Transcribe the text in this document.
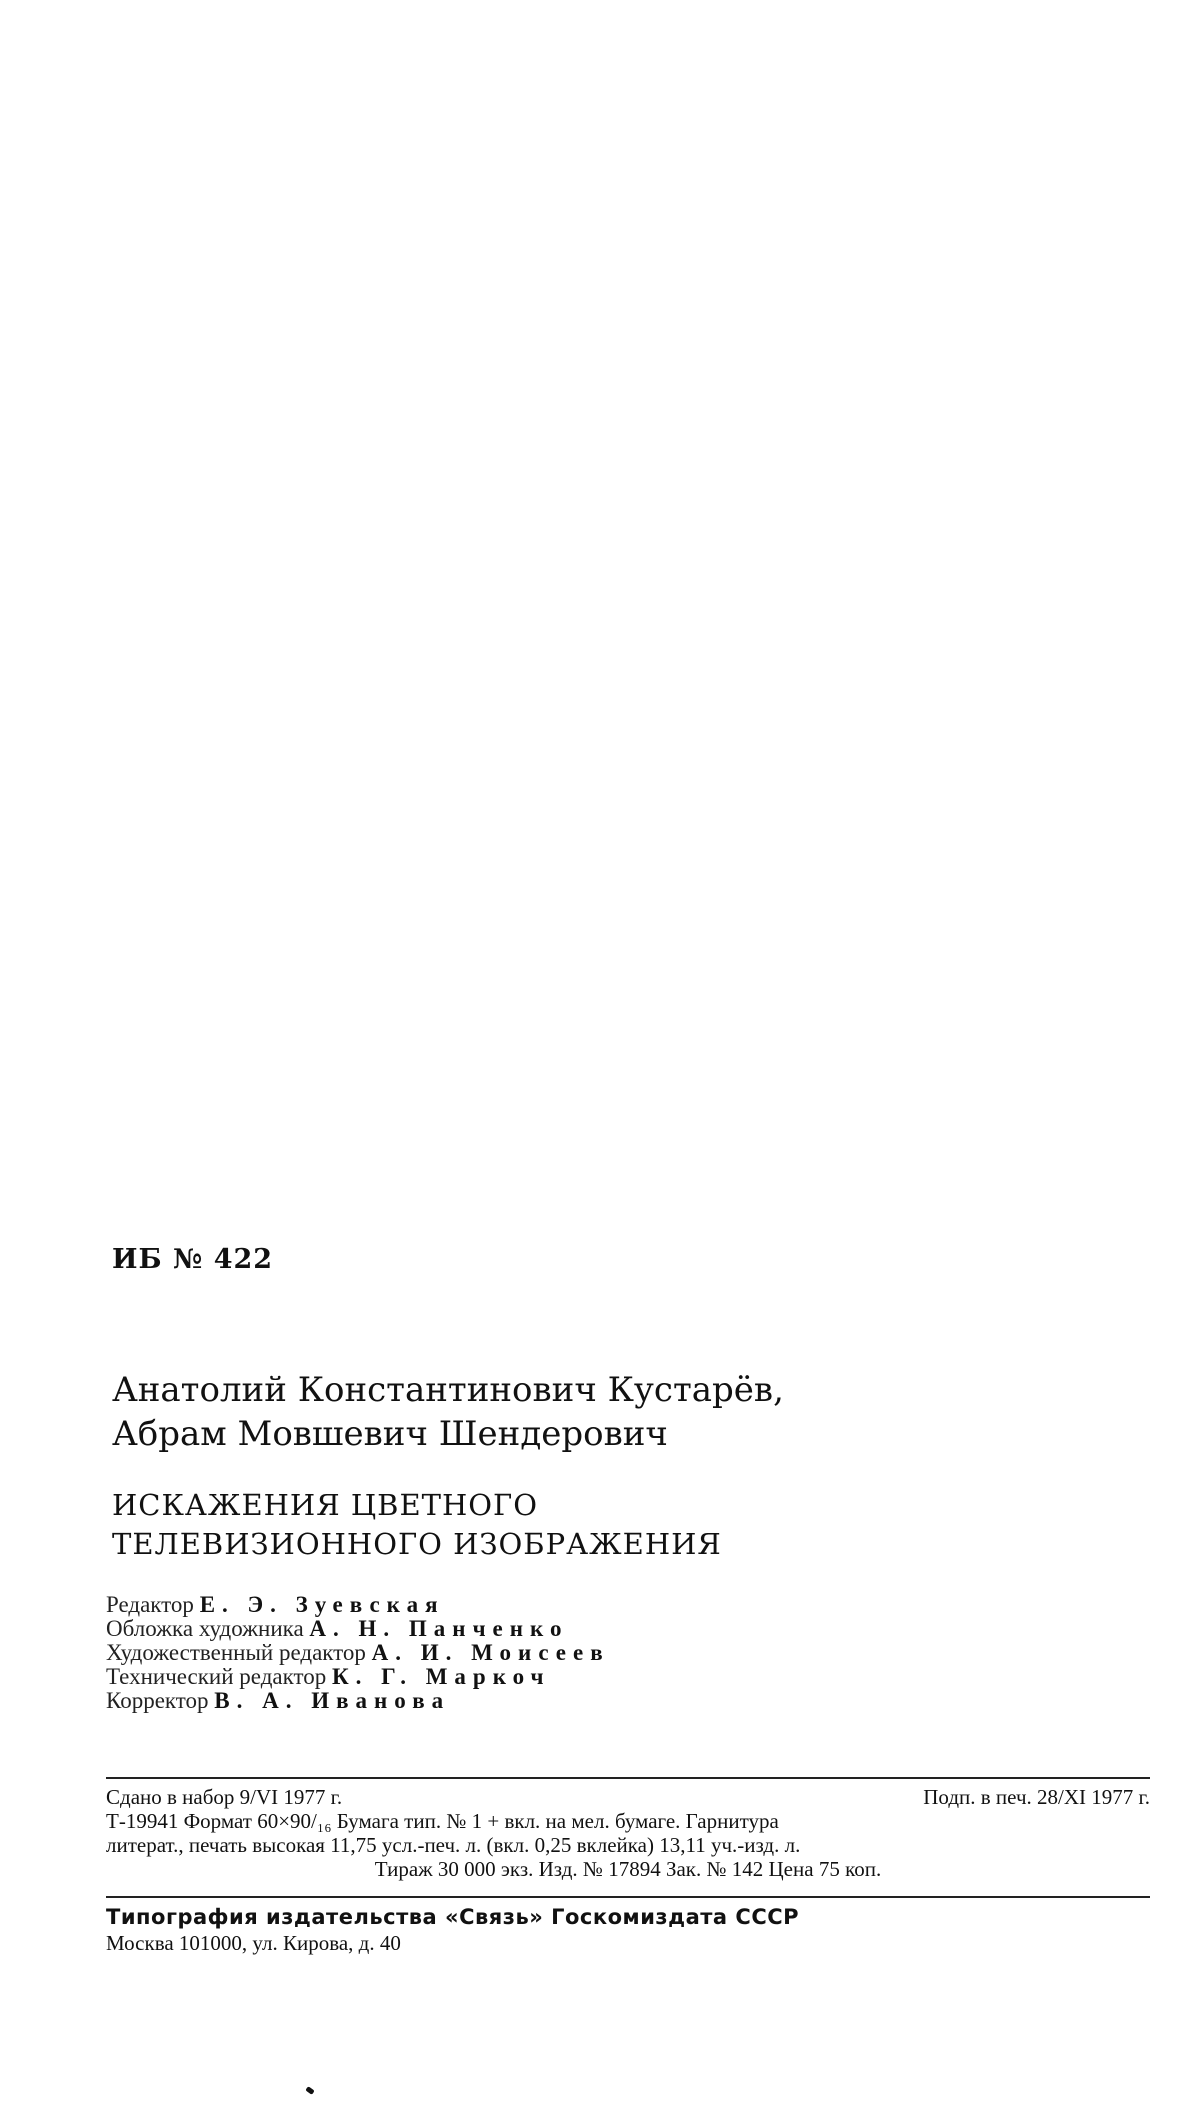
ИБ № 422
Анатолий Константинович Кустарёв,
Абрам Мовшевич Шендерович
ИСКАЖЕНИЯ ЦВЕТНОГО
ТЕЛЕВИЗИОННОГО ИЗОБРАЖЕНИЯ
Редактор Е. Э. Зуевская
Обложка художника А. Н. Панченко
Художественный редактор А. И. Моисеев
Технический редактор К. Г. Маркоч
Корректор В. А. Иванова
Сдано в набор 9/VI 1977 г.	Подп. в печ. 28/XI 1977 г.
Т-19941 Формат 60×90/₁₆ Бумага тип. № 1 + вкл. на мел. бумаге. Гарнитура
литерат., печать высокая 11,75 усл.-печ. л. (вкл. 0,25 вклейка) 13,11 уч.-изд. л.
Тираж 30 000 экз. Изд. № 17894 Зак. № 142 Цена 75 коп.
Типография издательства «Связь» Госкомиздата СССР
Москва 101000, ул. Кирова, д. 40
